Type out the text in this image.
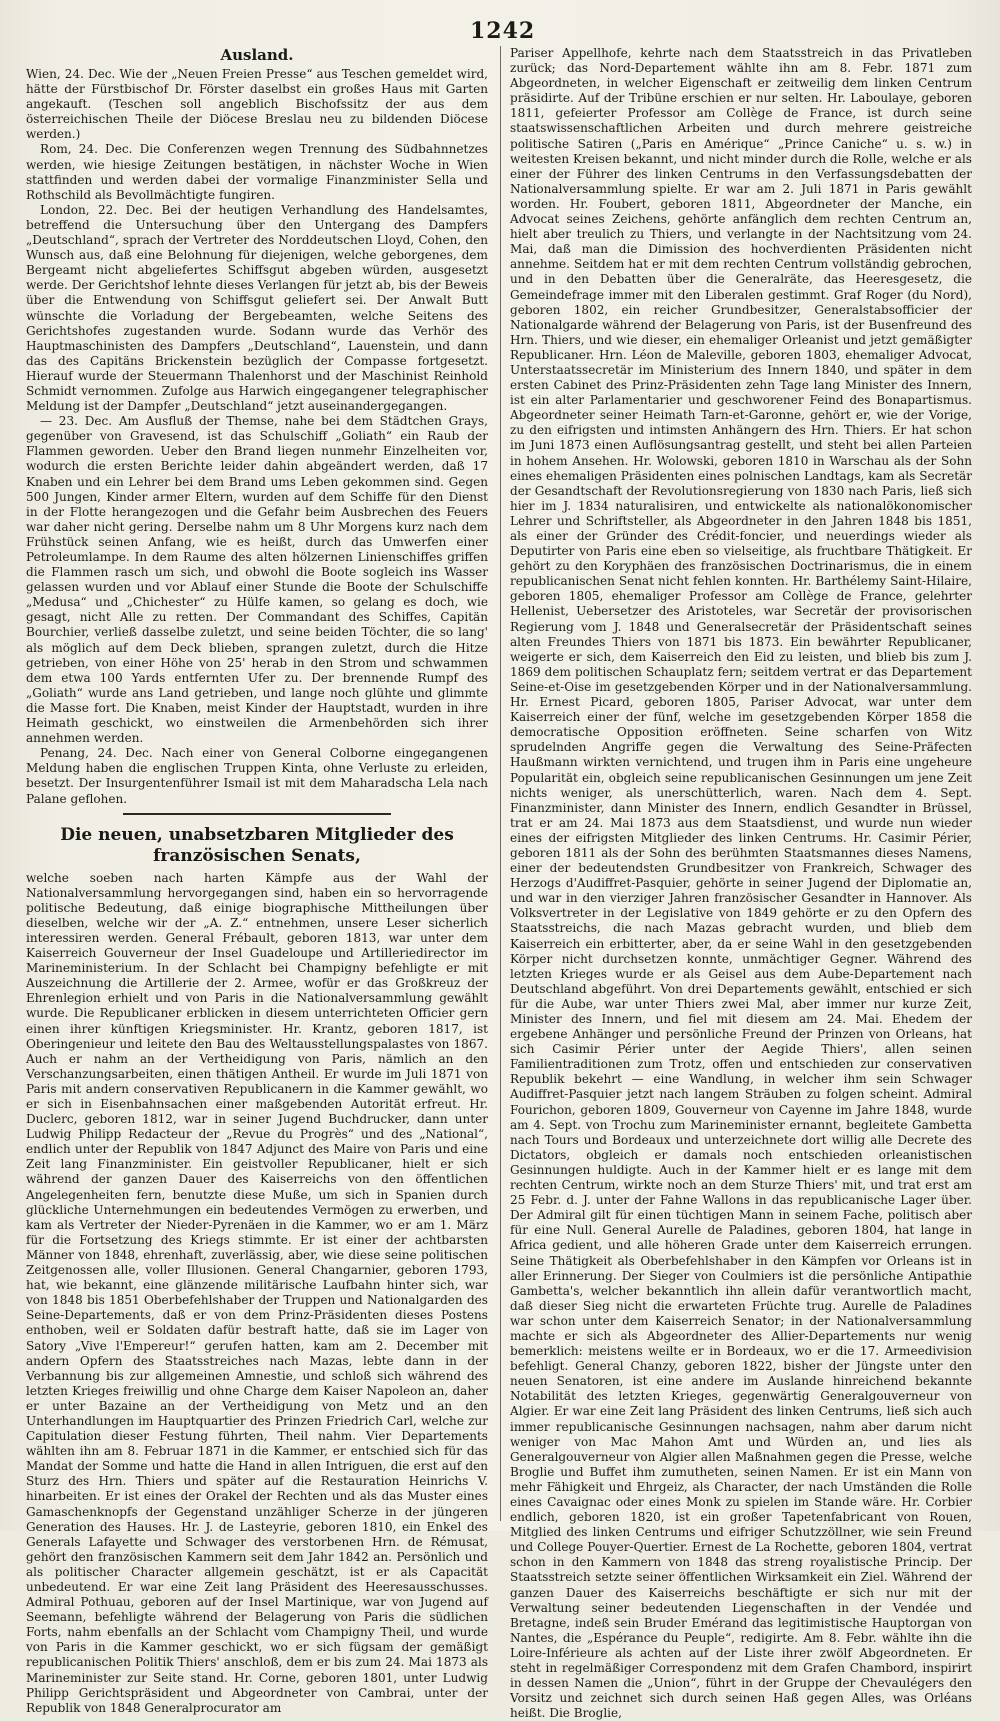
1242
Ausland.

Wien, 24. Dec. Wie der „Neuen Freien Presse“ aus Teschen gemeldet wird, hätte der Fürstbischof Dr. Förster daselbst ein großes Haus mit Garten angekauft. (Teschen soll angeblich Bischofssitz der aus dem österreichischen Theile der Diöcese Breslau neu zu bildenden Diöcese werden.)

Rom, 24. Dec. Die Conferenzen wegen Trennung des Südbahnnetzes werden, wie hiesige Zeitungen bestätigen, in nächster Woche in Wien stattfinden und werden dabei der vormalige Finanzminister Sella und Rothschild als Bevollmächtigte fungiren.

London, 22. Dec. Bei der heutigen Verhandlung des Handelsamtes, betreffend die Untersuchung über den Untergang des Dampfers „Deutschland“, sprach der Vertreter des Norddeutschen Lloyd, Cohen, den Wunsch aus, daß eine Belohnung für diejenigen, welche geborgenes, dem Bergeamt nicht abgeliefertes Schiffsgut abgeben würden, ausgesetzt werde. Der Gerichtshof lehnte dieses Verlangen für jetzt ab, bis der Beweis über die Entwendung von Schiffsgut geliefert sei. Der Anwalt Butt wünschte die Vorladung der Bergebeamten, welche Seitens des Gerichtshofes zugestanden wurde. Sodann wurde das Verhör des Hauptmaschinisten des Dampfers „Deutschland“, Lauenstein, und dann das des Capitäns Brickenstein bezüglich der Compasse fortgesetzt. Hierauf wurde der Steuermann Thalenhorst und der Maschinist Reinhold Schmidt vernommen. Zufolge aus Harwich eingegangener telegraphischer Meldung ist der Dampfer „Deutschland“ jetzt auseinandergegangen.

— 23. Dec. Am Ausfluß der Themse, nahe bei dem Städtchen Grays, gegenüber von Gravesend, ist das Schulschiff „Goliath“ ein Raub der Flammen geworden. Ueber den Brand liegen nunmehr Einzelheiten vor, wodurch die ersten Berichte leider dahin abgeändert werden, daß 17 Knaben und ein Lehrer bei dem Brand ums Leben gekommen sind. Gegen 500 Jungen, Kinder armer Eltern, wurden auf dem Schiffe für den Dienst in der Flotte herangezogen und die Gefahr beim Ausbrechen des Feuers war daher nicht gering. Derselbe nahm um 8 Uhr Morgens kurz nach dem Frühstück seinen Anfang, wie es heißt, durch das Umwerfen einer Petroleumlampe. In dem Raume des alten hölzernen Linienschiffes griffen die Flammen rasch um sich, und obwohl die Boote sogleich ins Wasser gelassen wurden und vor Ablauf einer Stunde die Boote der Schulschiffe „Medusa“ und „Chichester“ zu Hülfe kamen, so gelang es doch, wie gesagt, nicht Alle zu retten. Der Commandant des Schiffes, Capitän Bourchier, verließ dasselbe zuletzt, und seine beiden Töchter, die so lang' als möglich auf dem Deck blieben, sprangen zuletzt, durch die Hitze getrieben, von einer Höhe von 25' herab in den Strom und schwammen dem etwa 100 Yards entfernten Ufer zu. Der brennende Rumpf des „Goliath“ wurde ans Land getrieben, und lange noch glühte und glimmte die Masse fort. Die Knaben, meist Kinder der Hauptstadt, wurden in ihre Heimath geschickt, wo einstweilen die Armenbehörden sich ihrer annehmen werden.

Penang, 24. Dec. Nach einer von General Colborne eingegangenen Meldung haben die englischen Truppen Kinta, ohne Verluste zu erleiden, besetzt. Der Insurgentenführer Ismail ist mit dem Maharadscha Lela nach Palane geflohen.

Die neuen, unabsetzbaren Mitglieder des französischen Senats,

welche soeben nach harten Kämpfe aus der Wahl der Nationalversammlung hervorgegangen sind, haben ein so hervorragende politische Bedeutung, daß einige biographische Mittheilungen über dieselben, welche wir der „A. Z.“ entnehmen, unsere Leser sicherlich interessiren werden. General Frébault, geboren 1813, war unter dem Kaiserreich Gouverneur der Insel Guadeloupe und Artilleriedirector im Marineministerium. In der Schlacht bei Champigny befehligte er mit Auszeichnung die Artillerie der 2. Armee, wofür er das Großkreuz der Ehrenlegion erhielt und von Paris in die Nationalversammlung gewählt wurde. Die Republicaner erblicken in diesem unterrichteten Officier gern einen ihrer künftigen Kriegsminister. Hr. Krantz, geboren 1817, ist Oberingenieur und leitete den Bau des Weltausstellungspalastes von 1867. Auch er nahm an der Vertheidigung von Paris, nämlich an den Verschanzungsarbeiten, einen thätigen Antheil. Er wurde im Juli 1871 von Paris mit andern conservativen Republicanern in die Kammer gewählt, wo er sich in Eisenbahnsachen einer maßgebenden Autorität erfreut. Hr. Duclerc, geboren 1812, war in seiner Jugend Buchdrucker, dann unter Ludwig Philipp Redacteur der „Revue du Progrès“ und des „National“, endlich unter der Republik von 1847 Adjunct des Maire von Paris und eine Zeit lang Finanzminister. Ein geistvoller Republicaner, hielt er sich während der ganzen Dauer des Kaiserreichs von den öffentlichen Angelegenheiten fern, benutzte diese Muße, um sich in Spanien durch glückliche Unternehmungen ein bedeutendes Vermögen zu erwerben, und kam als Vertreter der Nieder-Pyrenäen in die Kammer, wo er am 1. März für die Fortsetzung des Kriegs stimmte. Er ist einer der achtbarsten Männer von 1848, ehrenhaft, zuverlässig, aber, wie diese seine politischen Zeitgenossen alle, voller Illusionen. General Changarnier, geboren 1793, hat, wie bekannt, eine glänzende militärische Laufbahn hinter sich, war von 1848 bis 1851 Oberbefehlshaber der Truppen und Nationalgarden des Seine-Departements, daß er von dem Prinz-Präsidenten dieses Postens enthoben, weil er Soldaten dafür bestraft hatte, daß sie im Lager von Satory „Vive l'Empereur!“ gerufen hatten, kam am 2. December mit andern Opfern des Staatsstreiches nach Mazas, lebte dann in der Verbannung bis zur allgemeinen Amnestie, und schloß sich während des letzten Krieges freiwillig und ohne Charge dem Kaiser Napoleon an, daher er unter Bazaine an der Vertheidigung von Metz und an den Unterhandlungen im Hauptquartier des Prinzen Friedrich Carl, welche zur Capitulation dieser Festung führten, Theil nahm. Vier Departements wählten ihn am 8. Februar 1871 in die Kammer, er entschied sich für das Mandat der Somme und hatte die Hand in allen Intriguen, die erst auf den Sturz des Hrn. Thiers und später auf die Restauration Heinrichs V. hinarbeiten. Er ist eines der Orakel der Rechten und als das Muster eines Gamaschenknopfs der Gegenstand unzähliger Scherze in der jüngeren Generation des Hauses. Hr. J. de Lasteyrie, geboren 1810, ein Enkel des Generals Lafayette und Schwager des verstorbenen Hrn. de Rémusat, gehört den französischen Kammern seit dem Jahr 1842 an. Persönlich und als politischer Character allgemein geschätzt, ist er als Capacität unbedeutend. Er war eine Zeit lang Präsident des Heeresausschusses. Admiral Pothuau, geboren auf der Insel Martinique, war von Jugend auf Seemann, befehligte während der Belagerung von Paris die südlichen Forts, nahm ebenfalls an der Schlacht vom Champigny Theil, und wurde von Paris in die Kammer geschickt, wo er sich fügsam der gemäßigt republicanischen Politik Thiers' anschloß, dem er bis zum 24. Mai 1873 als Marineminister zur Seite stand. Hr. Corne, geboren 1801, unter Ludwig Philipp Gerichtspräsident und Abgeordneter von Cambrai, unter der Republik von 1848 Generalprocurator am

Pariser Appellhofe, kehrte nach dem Staatsstreich in das Privatleben zurück; das Nord-Departement wählte ihn am 8. Febr. 1871 zum Abgeordneten, in welcher Eigenschaft er zeitweilig dem linken Centrum präsidirte. Auf der Tribüne erschien er nur selten. Hr. Laboulaye, geboren 1811, gefeierter Professor am Collège de France, ist durch seine staatswissenschaftlichen Arbeiten und durch mehrere geistreiche politische Satiren („Paris en Amérique“ „Prince Caniche“ u. s. w.) in weitesten Kreisen bekannt, und nicht minder durch die Rolle, welche er als einer der Führer des linken Centrums in den Verfassungsdebatten der Nationalversammlung spielte. Er war am 2. Juli 1871 in Paris gewählt worden. Hr. Foubert, geboren 1811, Abgeordneter der Manche, ein Advocat seines Zeichens, gehörte anfänglich dem rechten Centrum an, hielt aber treulich zu Thiers, und verlangte in der Nachtsitzung vom 24. Mai, daß man die Dimission des hochverdienten Präsidenten nicht annehme. Seitdem hat er mit dem rechten Centrum vollständig gebrochen, und in den Debatten über die Generalräte, das Heeresgesetz, die Gemeindefrage immer mit den Liberalen gestimmt. Graf Roger (du Nord), geboren 1802, ein reicher Grundbesitzer, Generalstabsofficier der Nationalgarde während der Belagerung von Paris, ist der Busenfreund des Hrn. Thiers, und wie dieser, ein ehemaliger Orleanist und jetzt gemäßigter Republicaner. Hrn. Léon de Maleville, geboren 1803, ehemaliger Advocat, Unterstaatssecretär im Ministerium des Innern 1840, und später in dem ersten Cabinet des Prinz-Präsidenten zehn Tage lang Minister des Innern, ist ein alter Parlamentarier und geschworener Feind des Bonapartismus. Abgeordneter seiner Heimath Tarn-et-Garonne, gehört er, wie der Vorige, zu den eifrigsten und intimsten Anhängern des Hrn. Thiers. Er hat schon im Juni 1873 einen Auflösungsantrag gestellt, und steht bei allen Parteien in hohem Ansehen. Hr. Wolowski, geboren 1810 in Warschau als der Sohn eines ehemaligen Präsidenten eines polnischen Landtags, kam als Secretär der Gesandtschaft der Revolutionsregierung von 1830 nach Paris, ließ sich hier im J. 1834 naturalisiren, und entwickelte als nationalökonomischer Lehrer und Schriftsteller, als Abgeordneter in den Jahren 1848 bis 1851, als einer der Gründer des Crédit-foncier, und neuerdings wieder als Deputirter von Paris eine eben so vielseitige, als fruchtbare Thätigkeit. Er gehört zu den Koryphäen des französischen Doctrinarismus, die in einem republicanischen Senat nicht fehlen konnten. Hr. Barthélemy Saint-Hilaire, geboren 1805, ehemaliger Professor am Collège de France, gelehrter Hellenist, Uebersetzer des Aristoteles, war Secretär der provisorischen Regierung vom J. 1848 und Generalsecretär der Präsidentschaft seines alten Freundes Thiers von 1871 bis 1873. Ein bewährter Republicaner, weigerte er sich, dem Kaiserreich den Eid zu leisten, und blieb bis zum J. 1869 dem politischen Schauplatz fern; seitdem vertrat er das Departement Seine-et-Oise im gesetzgebenden Körper und in der Nationalversammlung. Hr. Ernest Picard, geboren 1805, Pariser Advocat, war unter dem Kaiserreich einer der fünf, welche im gesetzgebenden Körper 1858 die democratische Opposition eröffneten. Seine scharfen von Witz sprudelnden Angriffe gegen die Verwaltung des Seine-Präfecten Haußmann wirkten vernichtend, und trugen ihm in Paris eine ungeheure Popularität ein, obgleich seine republicanischen Gesinnungen um jene Zeit nichts weniger, als unerschütterlich, waren. Nach dem 4. Sept. Finanzminister, dann Minister des Innern, endlich Gesandter in Brüssel, trat er am 24. Mai 1873 aus dem Staatsdienst, und wurde nun wieder eines der eifrigsten Mitglieder des linken Centrums. Hr. Casimir Périer, geboren 1811 als der Sohn des berühmten Staatsmannes dieses Namens, einer der bedeutendsten Grundbesitzer von Frankreich, Schwager des Herzogs d'Audiffret-Pasquier, gehörte in seiner Jugend der Diplomatie an, und war in den vierziger Jahren französischer Gesandter in Hannover. Als Volksvertreter in der Legislative von 1849 gehörte er zu den Opfern des Staatsstreichs, die nach Mazas gebracht wurden, und blieb dem Kaiserreich ein erbitterter, aber, da er seine Wahl in den gesetzgebenden Körper nicht durchsetzen konnte, unmächtiger Gegner. Während des letzten Krieges wurde er als Geisel aus dem Aube-Departement nach Deutschland abgeführt. Von drei Departements gewählt, entschied er sich für die Aube, war unter Thiers zwei Mal, aber immer nur kurze Zeit, Minister des Innern, und fiel mit diesem am 24. Mai. Ehedem der ergebene Anhänger und persönliche Freund der Prinzen von Orleans, hat sich Casimir Périer unter der Aegide Thiers', allen seinen Familientraditionen zum Trotz, offen und entschieden zur conservativen Republik bekehrt — eine Wandlung, in welcher ihm sein Schwager Audiffret-Pasquier jetzt nach langem Sträuben zu folgen scheint. Admiral Fourichon, geboren 1809, Gouverneur von Cayenne im Jahre 1848, wurde am 4. Sept. von Trochu zum Marineminister ernannt, begleitete Gambetta nach Tours und Bordeaux und unterzeichnete dort willig alle Decrete des Dictators, obgleich er damals noch entschieden orleanistischen Gesinnungen huldigte. Auch in der Kammer hielt er es lange mit dem rechten Centrum, wirkte noch an dem Sturze Thiers' mit, und trat erst am 25 Febr. d. J. unter der Fahne Wallons in das republicanische Lager über. Der Admiral gilt für einen tüchtigen Mann in seinem Fache, politisch aber für eine Null. General Aurelle de Paladines, geboren 1804, hat lange in Africa gedient, und alle höheren Grade unter dem Kaiserreich errungen. Seine Thätigkeit als Oberbefehlshaber in den Kämpfen vor Orleans ist in aller Erinnerung. Der Sieger von Coulmiers ist die persönliche Antipathie Gambetta's, welcher bekanntlich ihn allein dafür verantwortlich macht, daß dieser Sieg nicht die erwarteten Früchte trug. Aurelle de Paladines war schon unter dem Kaiserreich Senator; in der Nationalversammlung machte er sich als Abgeordneter des Allier-Departements nur wenig bemerklich: meistens weilte er in Bordeaux, wo er die 17. Armeedivision befehligt. General Chanzy, geboren 1822, bisher der Jüngste unter den neuen Senatoren, ist eine andere im Auslande hinreichend bekannte Notabilität des letzten Krieges, gegenwärtig Generalgouverneur von Algier. Er war eine Zeit lang Präsident des linken Centrums, ließ sich auch immer republicanische Gesinnungen nachsagen, nahm aber darum nicht weniger von Mac Mahon Amt und Würden an, und lies als Generalgouverneur von Algier allen Maßnahmen gegen die Presse, welche Broglie und Buffet ihm zumutheten, seinen Namen. Er ist ein Mann von mehr Fähigkeit und Ehrgeiz, als Character, der nach Umständen die Rolle eines Cavaignac oder eines Monk zu spielen im Stande wäre. Hr. Corbier endlich, geboren 1820, ist ein großer Tapetenfabricant von Rouen, Mitglied des linken Centrums und eifriger Schutzzöllner, wie sein Freund und College Pouyer-Quertier. Ernest de La Rochette, geboren 1804, vertrat schon in den Kammern von 1848 das streng royalistische Princip. Der Staatsstreich setzte seiner öffentlichen Wirksamkeit ein Ziel. Während der ganzen Dauer des Kaiserreichs beschäftigte er sich nur mit der Verwaltung seiner bedeutenden Liegenschaften in der Vendée und Bretagne, indeß sein Bruder Emérand das legitimistische Hauptorgan von Nantes, die „Espérance du Peuple“, redigirte. Am 8. Febr. wählte ihn die Loire-Inférieure als achten auf der Liste ihrer zwölf Abgeordneten. Er steht in regelmäßiger Correspondenz mit dem Grafen Chambord, inspirirt in dessen Namen die „Union“, führt in der Gruppe der Chevaulégers den Vorsitz und zeichnet sich durch seinen Haß gegen Alles, was Orléans heißt. Die Broglie,
